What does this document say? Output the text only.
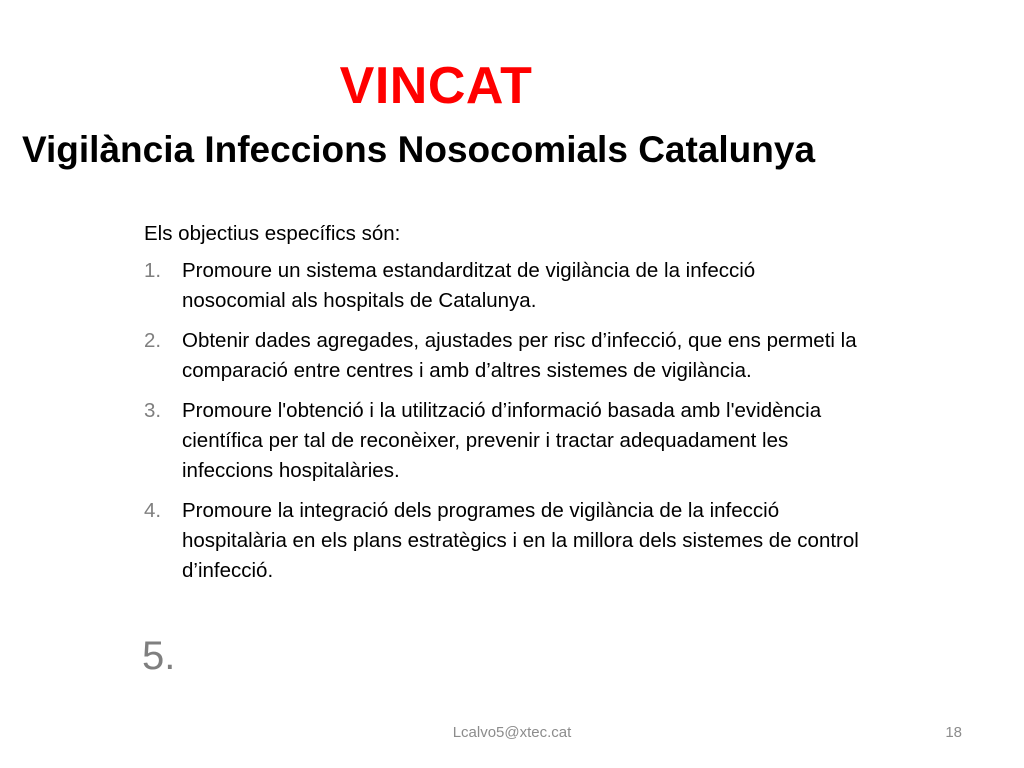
VINCAT
Vigilància Infeccions Nosocomials Catalunya

Els objectius específics són:

1. Promoure un sistema estandarditzat de vigilància de la infecció nosocomial als hospitals de Catalunya.
2. Obtenir dades agregades, ajustades per risc d’infecció, que ens permeti la comparació entre centres i amb d’altres sistemes de vigilància.
3. Promoure l'obtenció i la utilització d’informació basada amb l'evidència científica per tal de reconèixer, prevenir i tractar adequadament les infeccions hospitalàries.
4. Promoure la integració dels programes de vigilància de la infecció hospitalària en els plans estratègics i en la millora dels sistemes de control d’infecció.
5.
Lcalvo5@xtec.cat	18
